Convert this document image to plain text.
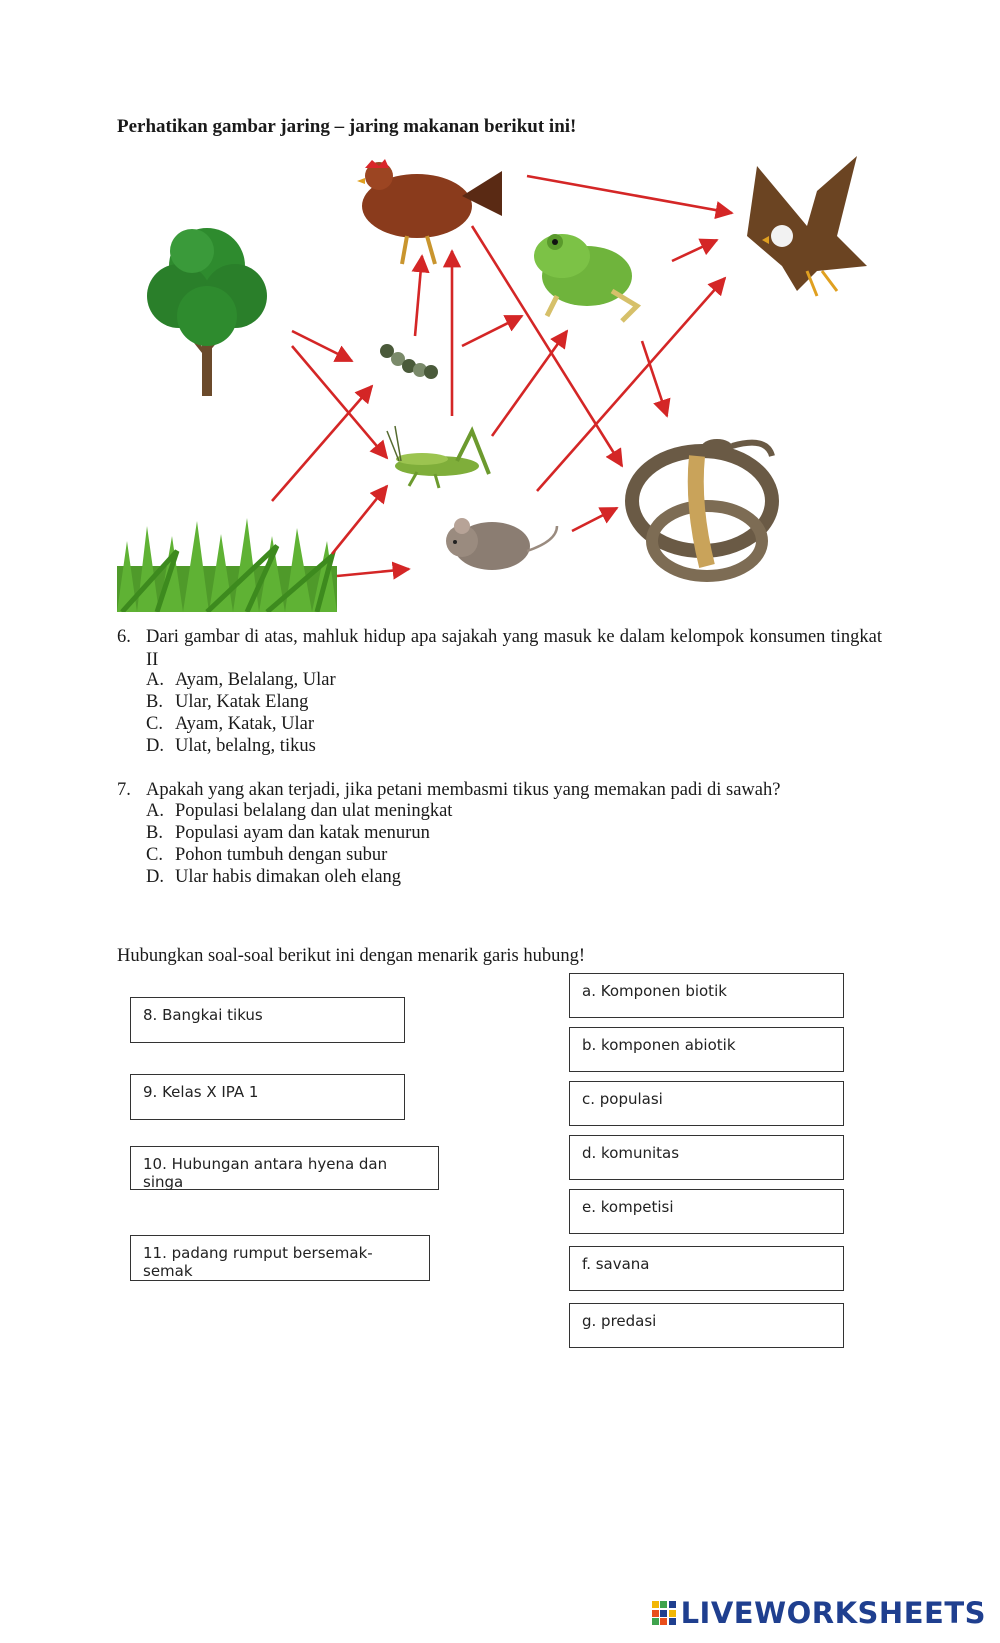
Perhatikan gambar jaring – jaring makanan berikut ini!
6. Dari gambar di atas, mahluk hidup apa sajakah yang masuk ke dalam kelompok konsumen tingkat II
A. Ayam, Belalang, Ular
B. Ular, Katak Elang
C. Ayam, Katak, Ular
D. Ulat, belalng, tikus
7. Apakah yang akan terjadi, jika petani membasmi tikus yang memakan padi di sawah?
A. Populasi belalang dan ulat meningkat
B. Populasi ayam dan katak menurun
C. Pohon tumbuh dengan subur
D. Ular habis dimakan oleh elang
Hubungkan soal-soal berikut ini dengan menarik garis hubung!
8. Bangkai tikus
9. Kelas X IPA 1
10. Hubungan antara hyena dan singa
11. padang rumput bersemak-semak
a. Komponen biotik
b. komponen abiotik
c. populasi
d. komunitas
e. kompetisi
f. savana
g. predasi
LIVEWORKSHEETS
